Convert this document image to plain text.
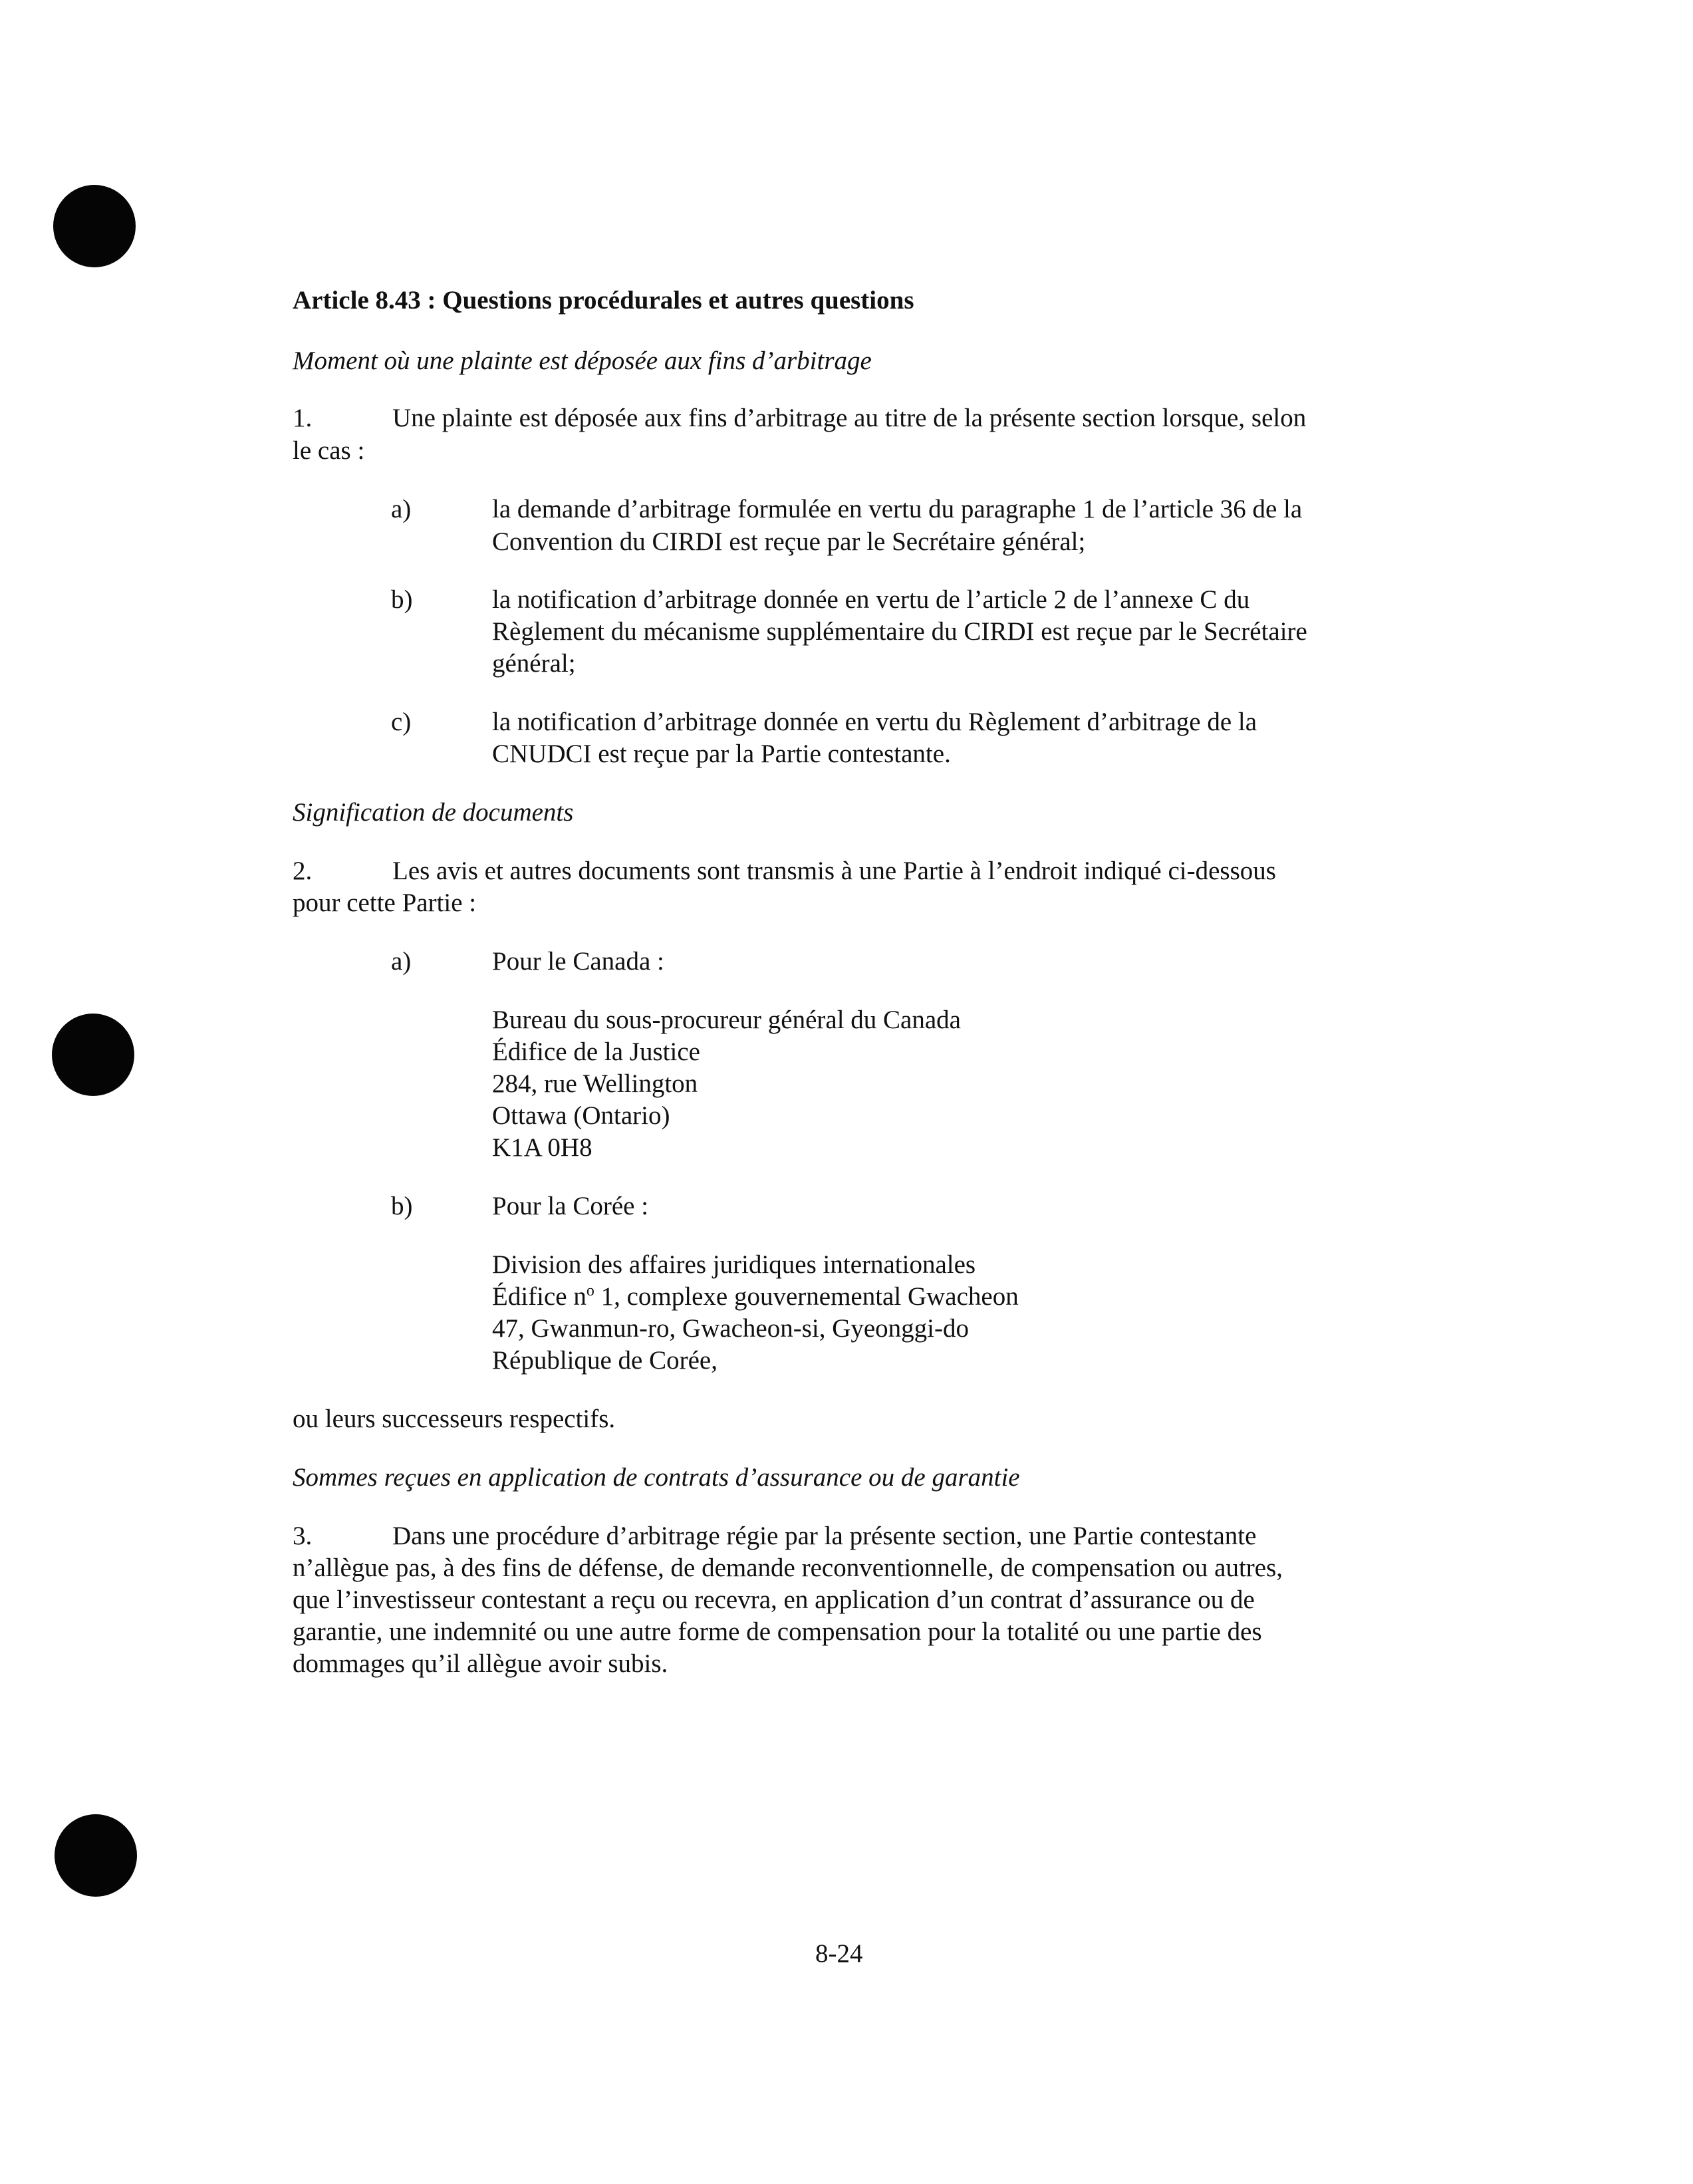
Article 8.43 : Questions procédurales et autres questions
Moment où une plainte est déposée aux fins d’arbitrage
1.	Une plainte est déposée aux fins d’arbitrage au titre de la présente section lorsque, selon
le cas :
a)	la demande d’arbitrage formulée en vertu du paragraphe 1 de l’article 36 de la
Convention du CIRDI est reçue par le Secrétaire général;
b)	la notification d’arbitrage donnée en vertu de l’article 2 de l’annexe C du
Règlement du mécanisme supplémentaire du CIRDI est reçue par le Secrétaire
général;
c)	la notification d’arbitrage donnée en vertu du Règlement d’arbitrage de la
CNUDCI est reçue par la Partie contestante.
Signification de documents
2.	Les avis et autres documents sont transmis à une Partie à l’endroit indiqué ci-dessous
pour cette Partie :
a)	Pour le Canada :
Bureau du sous-procureur général du Canada
Édifice de la Justice
284, rue Wellington
Ottawa (Ontario)
K1A 0H8
b)	Pour la Corée :
Division des affaires juridiques internationales
Édifice $n^o$ 1, complexe gouvernemental Gwacheon
47, Gwanmun-ro, Gwacheon-si, Gyeonggi-do
République de Corée,
ou leurs successeurs respectifs.
Sommes reçues en application de contrats d’assurance ou de garantie
3.	Dans une procédure d’arbitrage régie par la présente section, une Partie contestante
n’allègue pas, à des fins de défense, de demande reconventionnelle, de compensation ou autres,
que l’investisseur contestant a reçu ou recevra, en application d’un contrat d’assurance ou de
garantie, une indemnité ou une autre forme de compensation pour la totalité ou une partie des
dommages qu’il allègue avoir subis.
8-24
